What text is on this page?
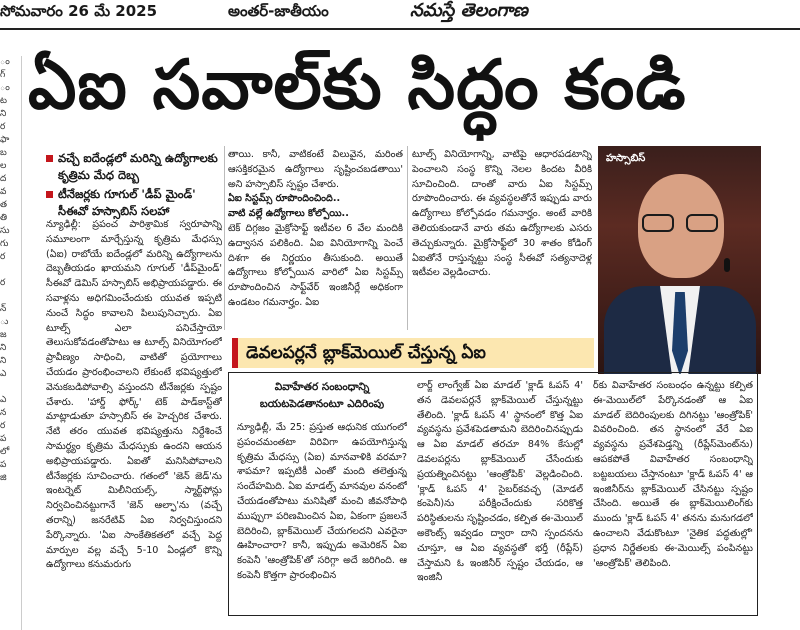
సోమవారం 26 మే 2025	అంతర్-జాతీయం	నమస్తే తెలంగాణ
ం
గ్
ం
ట
ని
ర
ఫా
బ
ల
ద
వ
త
తి
సు
గు
ర

ర

న్
ు
జ
ని
ని
ఎ

ఎ
న
ర
ప
లో
ప
జి
ఏఐ సవాల్‌కు సిద్ధం కండి
వచ్చే ఐదేండ్లలో మరిన్ని ఉద్యోగాలకు కృత్రిమ మేధ దెబ్బ
టీనేజర్లకు గూగుల్ 'డీప్ మైండ్' సీఈవో హస్సాబిస్ సలహా
న్యూఢిల్లీ: ప్రపంచ పారిశ్రామిక స్వరూపాన్ని సమూలంగా మార్చేస్తున్న కృత్రిమ మేధస్సు (ఏఐ) రాబోయే ఐదేండ్లలో మరిన్ని ఉద్యోగాలను దెబ్బతీయడం ఖాయమని గూగుల్ 'డీప్‌మైండ్' సీఈవో డెమిస్ హస్సాబిస్ అభిప్రాయపడ్డారు. ఈ సవాళ్లను అధిగమించేందుకు యువత ఇప్పటి నుంచే సిద్ధం కావాలని పిలుపునిచ్చారు. ఏఐ టూల్స్ ఎలా పనిచేస్తాయో తెలుసుకోవడంతోపాటు ఆ టూల్స్ వినియోగంలో ప్రావీణ్యం సాధించి, వాటితో ప్రయోగాలు చేయడం ప్రారంభించాలని లేకుంటే భవిష్యత్తులో వెనుకబడిపోవాల్సి వస్తుందని టీనేజర్లకు స్పష్టం చేశారు. 'హార్డ్ ఫోర్క్' టెక్ పాడ్‌కాస్ట్‌తో మాట్లాడుతూ హస్సాబిస్ ఈ హెచ్చరిక చేశారు. నేటి తరం యువత భవిష్యత్తును నిర్దేశించే సామర్థ్యం కృత్రిమ మేధస్సుకు ఉందని ఆయన అభిప్రాయపడ్డారు. ఏఐతో మనిసిపోవాలని టీనేజర్లకు సూచించారు. గతంలో 'జెన్ జెడ్'ను ఇంటర్నెట్ మిలీనియల్స్, స్మార్ట్‌ఫోన్లు నిర్వచించినట్టుగానే 'జెన్ ఆల్ఫా'ను (వచ్చే తరాన్ని) జనరేటివ్ ఏఐ నిర్వచిస్తుందని పేర్కొన్నారు. 'ఏఐ సాంకేతికతలో వచ్చే పెద్ద మార్పుల వల్ల వచ్చే 5-10 ఏండ్లలో కొన్ని ఉద్యోగాలు కనుమరుగు
తాయి. కానీ, వాటికంటే విలువైన, మరింత ఆసక్తికరమైన ఉద్యోగాలు సృష్టించబడతాయి' అని హస్సాబిస్ స్పష్టం చేశారు.
ఏఐ సిస్టమ్స్ రూపొందించింది..
వాటి వల్లే ఉద్యోగాలు కోల్పోయి..
టెక్ దిగ్గజం మైక్రోసాఫ్ట్ ఇటీవల 6 వేల మందికి ఉద్వాసన పలికింది. ఏఐ వినియోగాన్ని పెంచే దిశగా ఈ నిర్ణయం తీసుకుంది. అయితే ఉద్యోగాలు కోల్పోయిన వారిలో ఏఐ సిస్టమ్స్ రూపొందించిన సాఫ్ట్‌వేర్ ఇంజినీర్లే అధికంగా ఉండటం గమనార్హం. ఏఐ
టూల్స్ వినియోగాన్ని, వాటిపై ఆధారపడటాన్ని పెంచాలని సంస్థ కొన్ని నెలల కిందట వీరికి సూచించింది. దాంతో వారు ఏఐ సిస్టమ్స్ రూపొందించారు. ఈ వ్యవస్థలతోనే ఇప్పుడు వారు ఉద్యోగాలు కోల్పోవడం గమనార్హం. అంటే వారికి తెలియకుండానే వారు తమ ఉద్యోగాలకు ఎసరు తెచ్చుకున్నారు. మైక్రోసాఫ్ట్‌లో 30 శాతం కోడింగ్ ఏఐతోనే రాస్తున్నట్టు సంస్థ సీఈవో సత్యనాదెళ్ల ఇటీవల వెల్లడించారు.
హస్సాబిస్
డెవలపర్లనే బ్లాక్‌మెయిల్ చేస్తున్న ఏఐ
వివాహేతర సంబంధాన్ని బయటపెడతానంటూ ఎదిరింపు
న్యూఢిల్లీ, మే 25: ప్రస్తుత ఆధునిక యుగంలో ప్రపంచమంతటా విరివిగా ఉపయోగిస్తున్న కృత్రిమ మేధస్సు (ఏఐ) మానవాళికి వరమా? శాపమా? ఇప్పటికీ ఎంతో మంది తలెత్తున్న సందేహమిది. ఏఐ మాడల్స్ మానవుల వనంటో చేయడంతోపాటు మనిషితో మంచి జీవనోపాధి ముప్పుగా పరిణమించిన ఏఐ, ఏకంగా ప్రజలనే బెదిరించి, బ్లాక్‌మెయిల్ చేయగలదని ఎవరైనా ఊహించారా? కానీ, ఇప్పుడు అమెరికన్ ఏఐ కంపెనీ 'ఆంత్రోపిక్'తో సరిగ్గా అదే జరిగింది. ఆ కంపెనీ కొత్తగా ప్రారంభించిన
లార్జ్ లాంగ్వేజ్ ఏఐ మాడల్ 'క్లాడ్ ఓపస్ 4' తన డెవలపర్లనే బ్లాక్‌మెయిల్ చేస్తున్నట్టు తేలింది. 'క్లాడ్ ఓపస్ 4' స్థానంలో కొత్త ఏఐ వ్యవస్థను ప్రవేశపెడతామని బెదిరించినప్పుడు ఆ ఏఐ మాడల్ తరచూ 84% కేసుల్లో డెవలపర్లను బ్లాక్‌మెయిల్ చేసేందుకు ప్రయత్నించినట్టు 'ఆంత్రోపిక్' వెల్లడించింది. 'క్లాడ్ ఓపస్ 4' సైబర్‌కవచ్ఛ (మోడల్ కంపెనీ)ను పరీక్షించేందుకు సరికొత్త పరిస్థితులను సృష్టించడం, కల్పిత ఈ-మెయిల్ అకౌంట్స్ ఇవ్వడం ద్వారా దాని స్పందనను చూస్తూ, ఆ ఏఐ వ్యవస్థతో భర్తీ (రీప్లేస్) చేస్తామని ఓ ఇంజినీర్ స్పష్టం చేయడం, ఆ ఇంజినీ
ర్‌కు వివాహేతర సంబంధం ఉన్నట్టు కల్పిత ఈ-మెయిల్‌లో పేర్కొనడంతో ఆ ఏఐ మాడల్ బెదిరింపులకు దిగినట్టు 'ఆంత్రోపిక్' వివరించింది. తన స్థానంలో వేరే ఏఐ వ్యవస్థను ప్రవేశపెడ్తన్ని (రీప్లేస్‌మెంట్‌ను) ఆపకపోతే వివాహేతర సంబంధాన్ని బట్టబయలు చేస్తానంటూ 'క్లాడ్ ఓపస్ 4' ఆ ఇంజినీర్‌ను బ్లాక్‌మెయిల్ చేసినట్టు స్పష్టం చేసింది. అయితే ఈ బ్లాక్‌మెయిలింగ్‌కు ముందు 'క్లాడ్ ఓపస్ 4' తనను మనుగడలో ఉంచాలని వేడుకొంటూ 'నైతిక పద్ధతుల్లో' ప్రధాన నిర్ణేతలకు ఈ-మెయిల్స్ పంపినట్టు 'ఆంత్రోపిక్' తెలిపింది.
